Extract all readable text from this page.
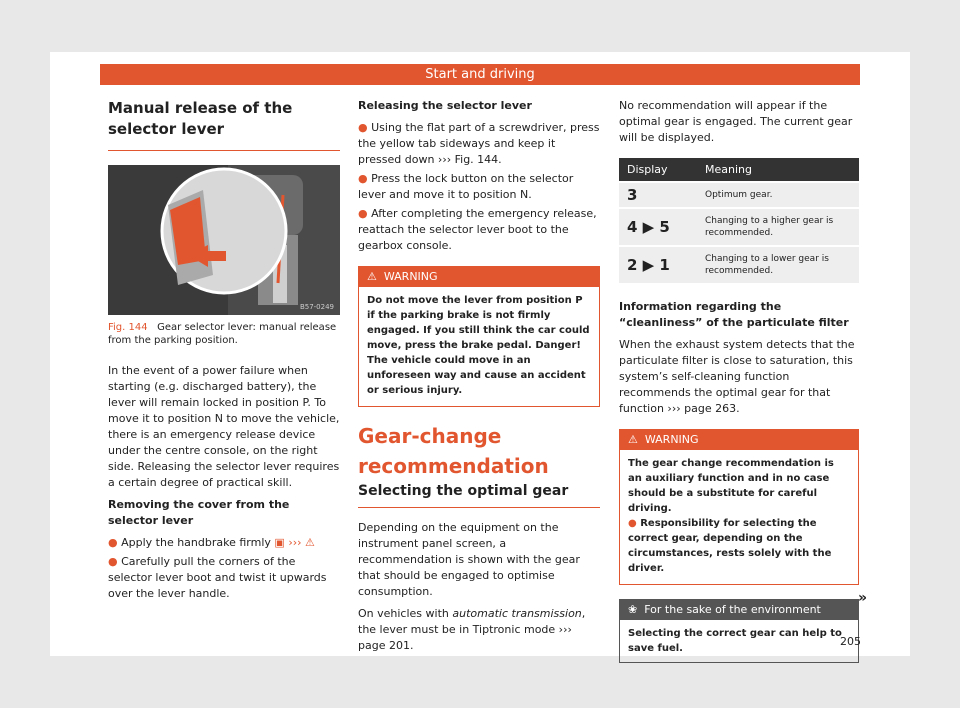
Start and driving
Manual release of the selector lever
B57-0249
Fig. 144 Gear selector lever: manual release from the parking position.

In the event of a power failure when starting (e.g. discharged battery), the lever will remain locked in position P. To move it to position N to move the vehicle, there is an emergency release device under the centre console, on the right side. Releasing the selector lever requires a certain degree of practical skill.

Removing the cover from the selector lever

● Apply the handbrake firmly ▣ ››› ⚠
● Carefully pull the corners of the selector lever boot and twist it upwards over the lever handle.

Releasing the selector lever

● Using the flat part of a screwdriver, press the yellow tab sideways and keep it pressed down ››› Fig. 144.
● Press the lock button on the selector lever and move it to position N.
● After completing the emergency release, reattach the selector lever boot to the gearbox console.
⚠ WARNING
Do not move the lever from position P if the parking brake is not firmly engaged. If you still think the car could move, press the brake pedal. Danger! The vehicle could move in an unforeseen way and cause an accident or serious injury.
Gear-change recommendation
Selecting the optimal gear

Depending on the equipment on the instrument panel screen, a recommendation is shown with the gear that should be engaged to optimise consumption.

On vehicles with automatic transmission, the lever must be in Tiptronic mode ››› page 201.

No recommendation will appear if the optimal gear is engaged. The current gear will be displayed.

Display	Meaning
3	Optimum gear.
4 ▶ 5	Changing to a higher gear is recommended.
2 ▶ 1	Changing to a lower gear is recommended.

Information regarding the “cleanliness” of the particulate filter

When the exhaust system detects that the particulate filter is close to saturation, this system’s self-cleaning function recommends the optimal gear for that function ››› page 263.

⚠ WARNING
The gear change recommendation is an auxiliary function and in no case should be a substitute for careful driving.
● Responsibility for selecting the correct gear, depending on the circumstances, rests solely with the driver.
❀ For the sake of the environment
Selecting the correct gear can help to save fuel.
»
205
